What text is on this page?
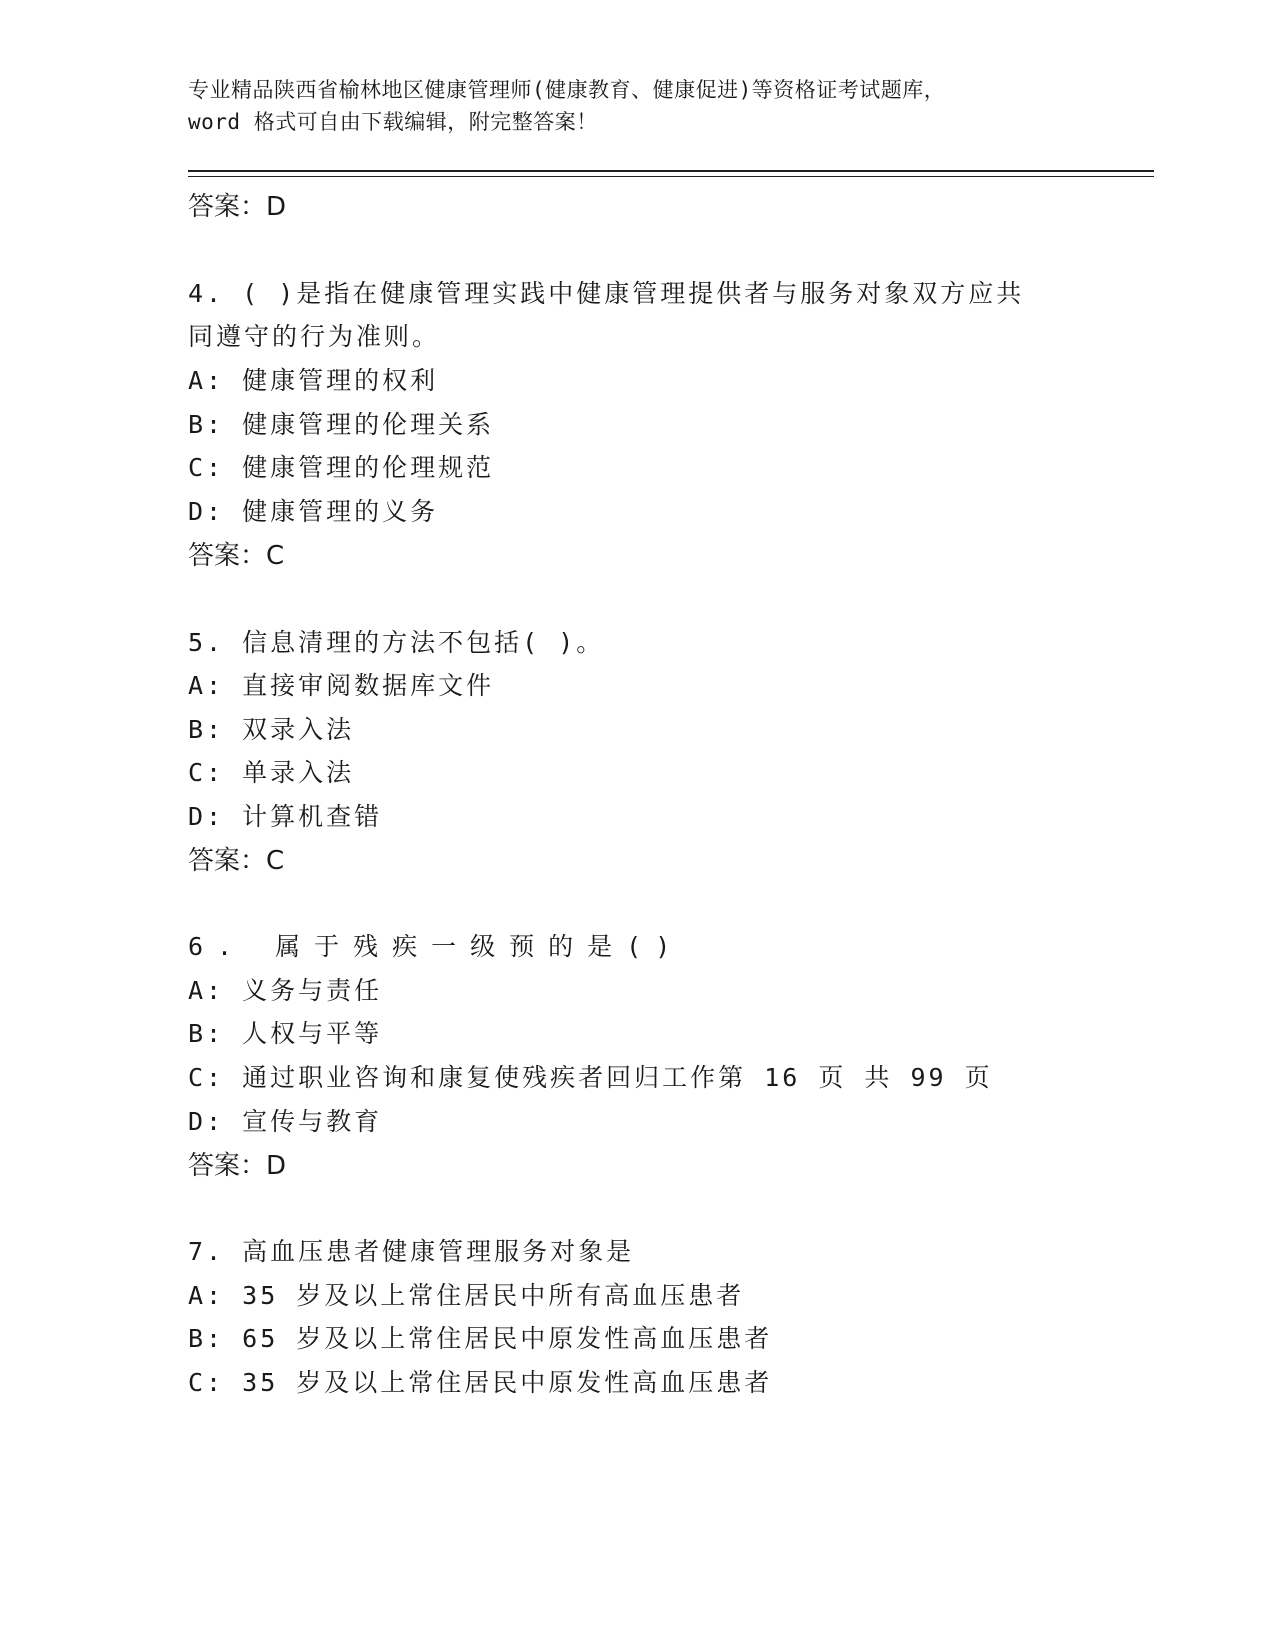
专业精品陕西省榆林地区健康管理师(健康教育、健康促进)等资格证考试题库，
word 格式可自由下载编辑，附完整答案！
答案：D
4. ( )是指在健康管理实践中健康管理提供者与服务对象双方应共
同遵守的行为准则。
A: 健康管理的权利
B: 健康管理的伦理关系
C: 健康管理的伦理规范
D: 健康管理的义务
答案：C
5. 信息清理的方法不包括( )。
A: 直接审阅数据库文件
B: 双录入法
C: 单录入法
D: 计算机查错
答案：C
6. 属于残疾一级预的是()
A: 义务与责任
B: 人权与平等
C: 通过职业咨询和康复使残疾者回归工作第 16 页 共 99 页
D: 宣传与教育
答案：D
7. 高血压患者健康管理服务对象是
A: 35 岁及以上常住居民中所有高血压患者
B: 65 岁及以上常住居民中原发性高血压患者
C: 35 岁及以上常住居民中原发性高血压患者
